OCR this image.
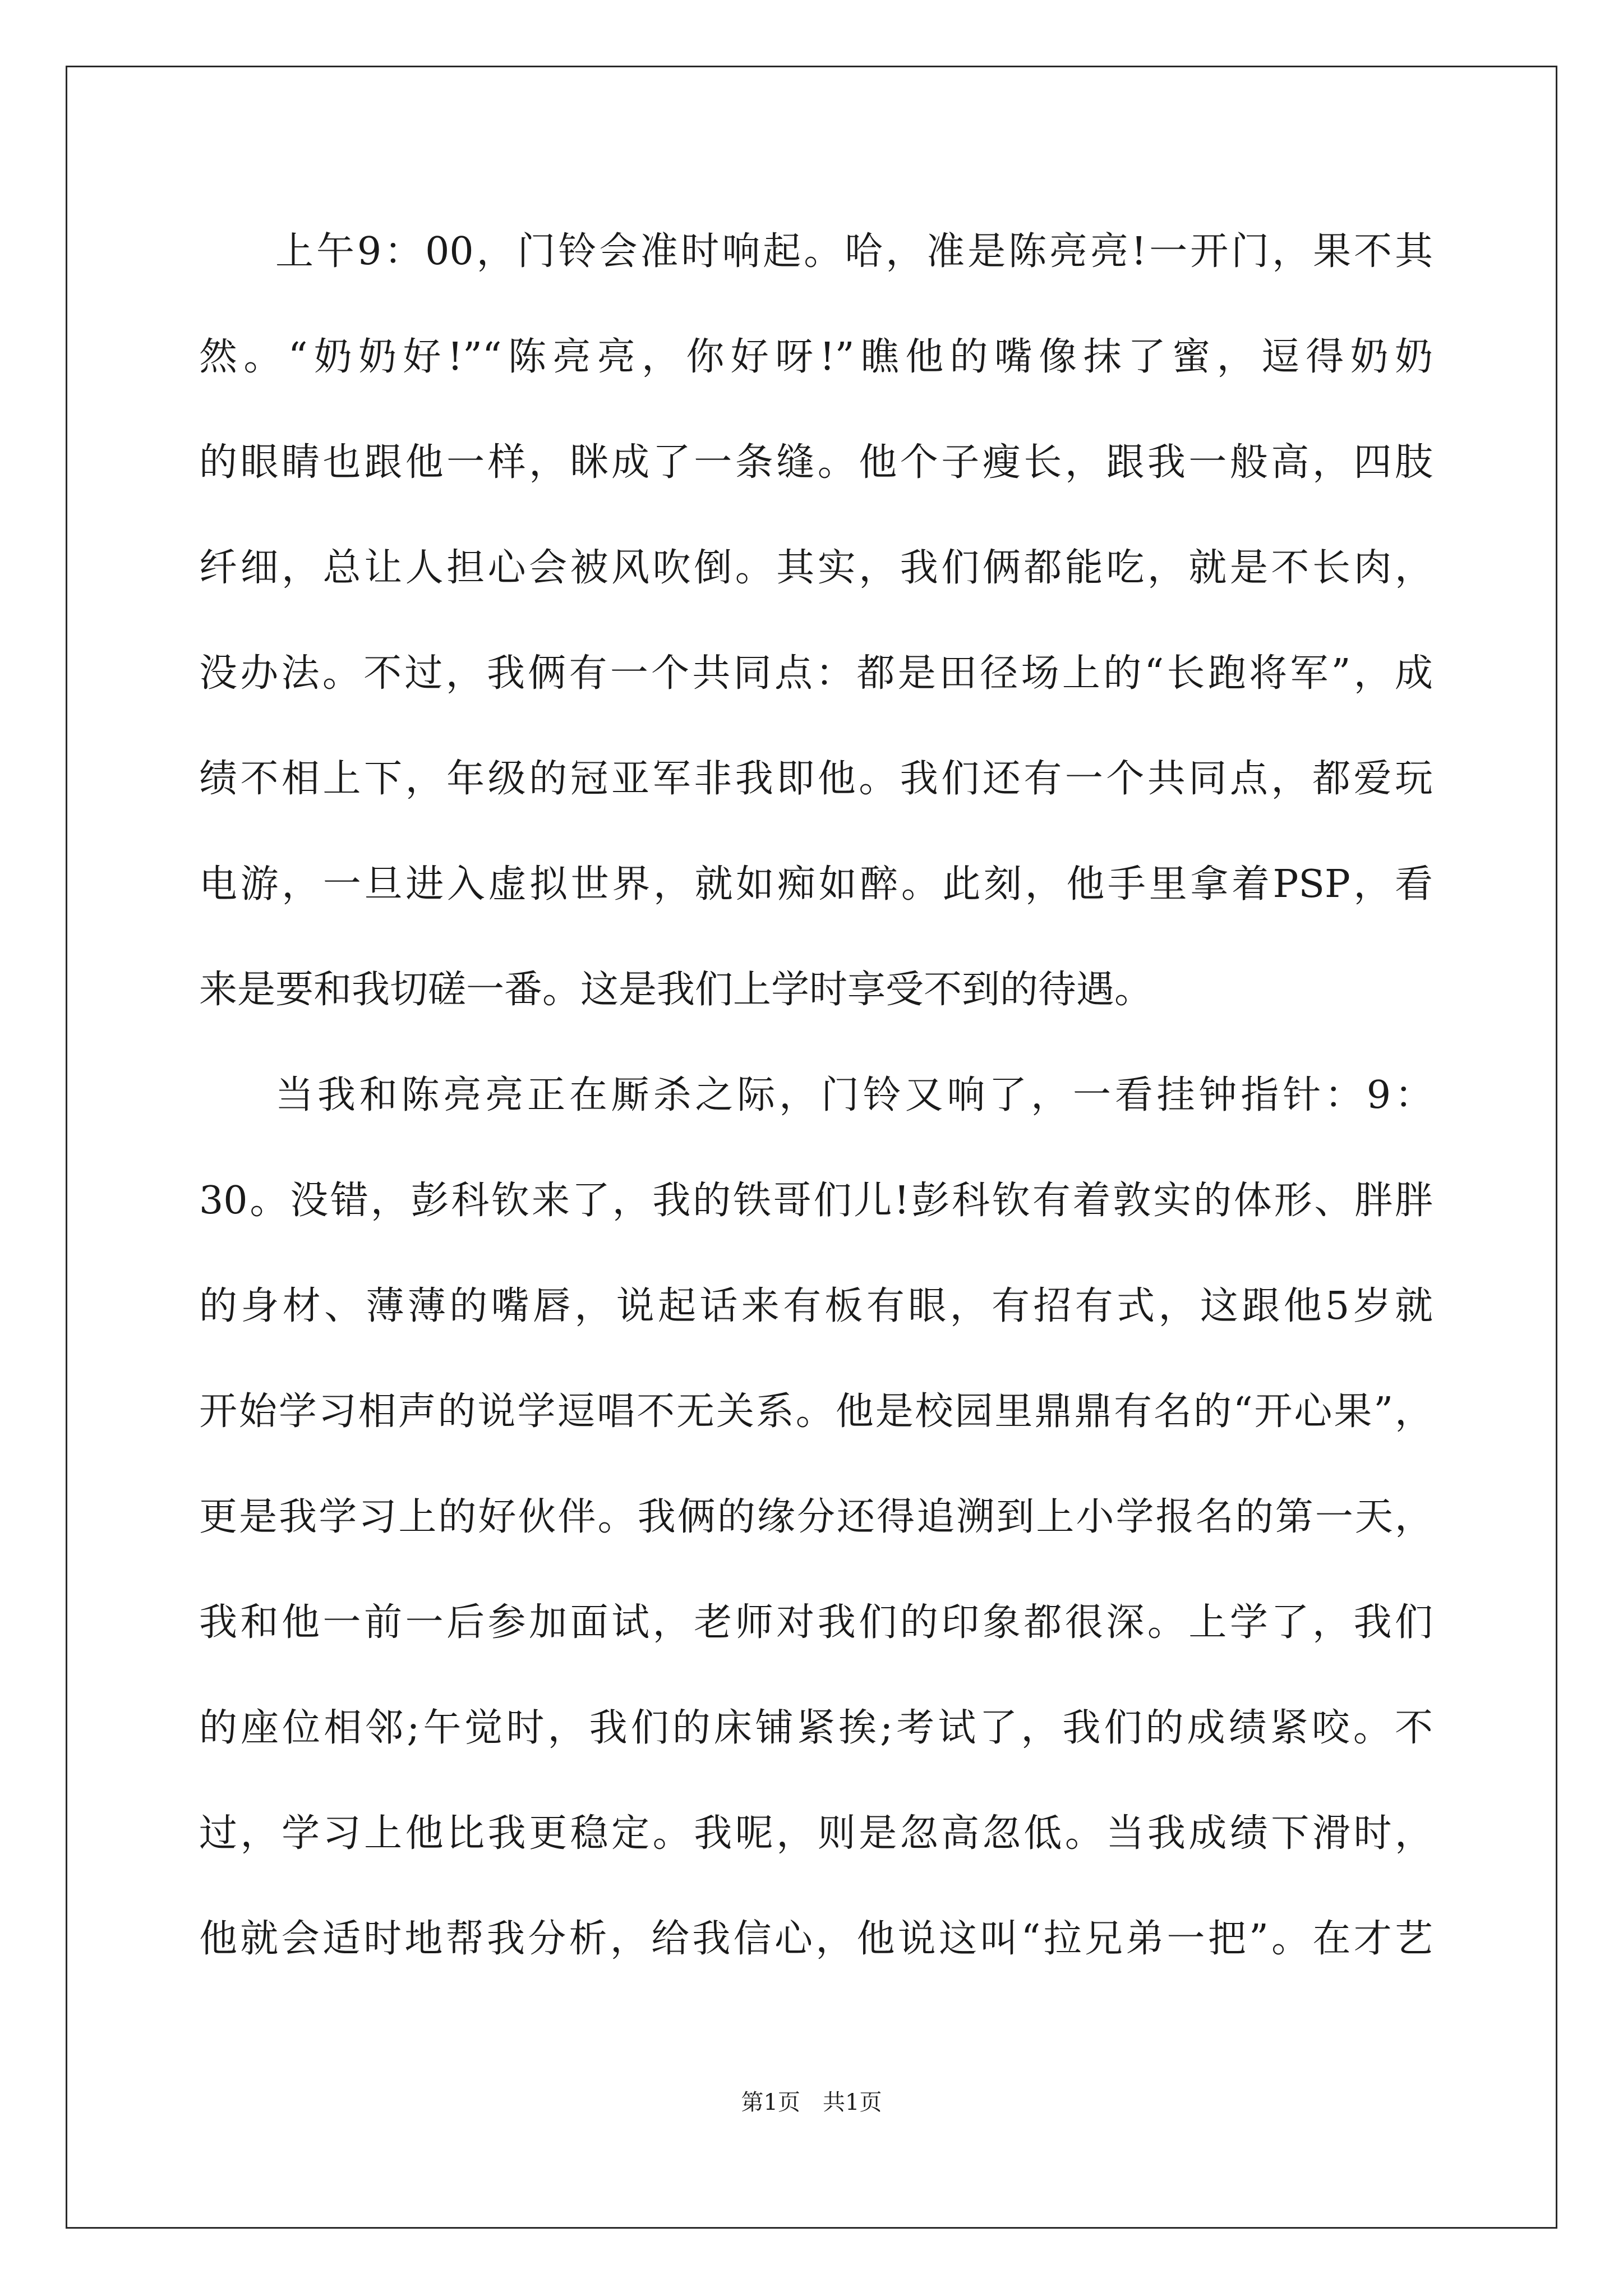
上午9：00，门铃会准时响起。哈，准是陈亮亮!一开门，果不其
然。“奶奶好!”“陈亮亮，你好呀!”瞧他的嘴像抹了蜜，逗得奶奶
的眼睛也跟他一样，眯成了一条缝。他个子瘦长，跟我一般高，四肢
纤细，总让人担心会被风吹倒。其实，我们俩都能吃，就是不长肉，
没办法。不过，我俩有一个共同点：都是田径场上的“长跑将军”，成
绩不相上下，年级的冠亚军非我即他。我们还有一个共同点，都爱玩
电游，一旦进入虚拟世界，就如痴如醉。此刻，他手里拿着PSP，看
来是要和我切磋一番。这是我们上学时享受不到的待遇。
当我和陈亮亮正在厮杀之际，门铃又响了，一看挂钟指针：9：
30。没错，彭科钦来了，我的铁哥们儿!彭科钦有着敦实的体形、胖胖
的身材、薄薄的嘴唇，说起话来有板有眼，有招有式，这跟他5岁就
开始学习相声的说学逗唱不无关系。他是校园里鼎鼎有名的“开心果”，
更是我学习上的好伙伴。我俩的缘分还得追溯到上小学报名的第一天，
我和他一前一后参加面试，老师对我们的印象都很深。上学了，我们
的座位相邻;午觉时，我们的床铺紧挨;考试了，我们的成绩紧咬。不
过，学习上他比我更稳定。我呢，则是忽高忽低。当我成绩下滑时，
他就会适时地帮我分析，给我信心，他说这叫“拉兄弟一把”。在才艺
第1页 共1页
